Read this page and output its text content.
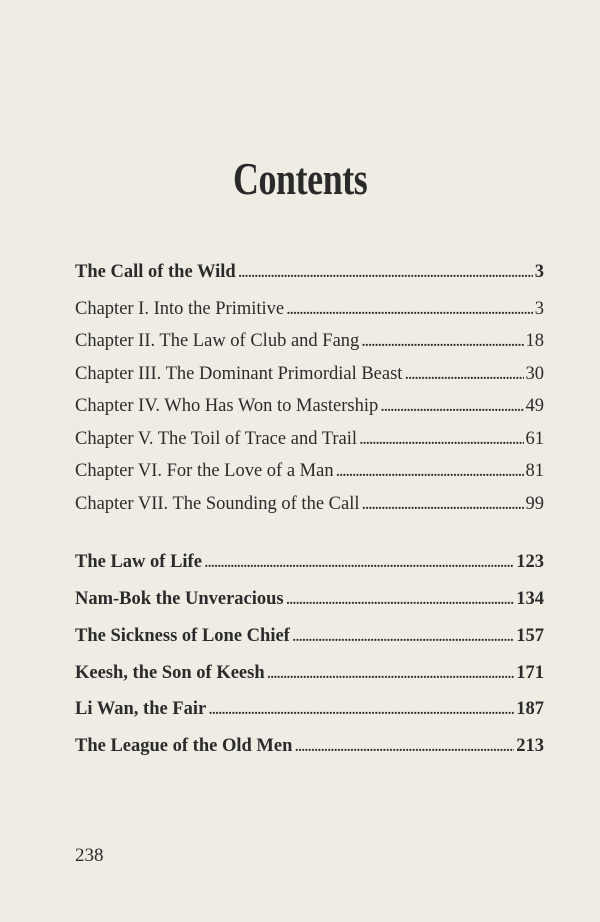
Contents
The Call of the Wild . . .	3
Chapter I. Into the Primitive . . .	3
Chapter II. The Law of Club and Fang . . .	18
Chapter III. The Dominant Primordial Beast . . .	30
Chapter IV. Who Has Won to Mastership . . .	49
Chapter V. The Toil of Trace and Trail . . .	61
Chapter VI. For the Love of a Man . . .	81
Chapter VII. The Sounding of the Call . . .	99
The Law of Life . . .	123
Nam-Bok the Unveracious . . .	134
The Sickness of Lone Chief . . .	157
Keesh, the Son of Keesh . . .	171
Li Wan, the Fair . . .	187
The League of the Old Men . . .	213
238
